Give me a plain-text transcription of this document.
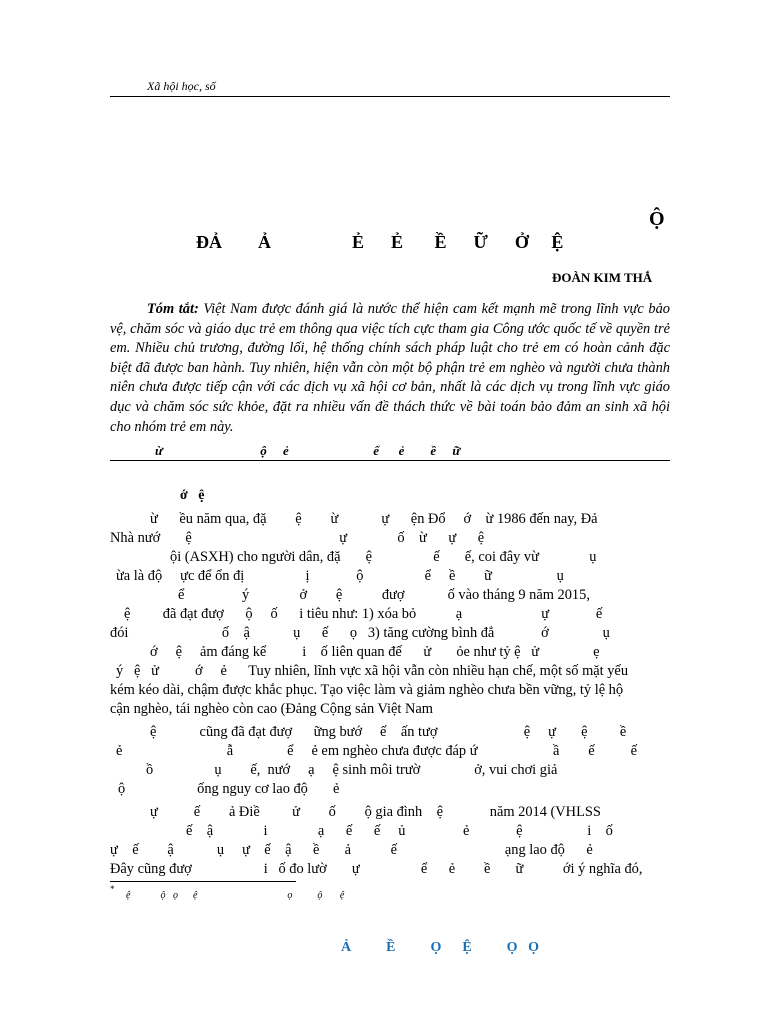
Xã hội học, số
Ộ
ĐẢ        Ả                  Ẻ      Ẻ       Ề      Ữ      Ở     Ệ
ĐOÀN KIM THẮ
Tóm tắt: Việt Nam được đánh giá là nước thể hiện cam kết mạnh mẽ trong lĩnh vực bảo vệ, chăm sóc và giáo dục trẻ em thông qua việc tích cực tham gia Công ước quốc tế về quyền trẻ em. Nhiều chủ trương, đường lối, hệ thống chính sách pháp luật cho trẻ em có hoàn cảnh đặc biệt đã được ban hành. Tuy nhiên, hiện vẫn còn một bộ phận trẻ em nghèo và người chưa thành niên chưa được tiếp cận với các dịch vụ xã hội cơ bản, nhất là các dịch vụ trong lĩnh vực giáo dục và chăm sóc sức khỏe, đặt ra nhiều vấn đề thách thức về bài toán bảo đảm an sinh xã hội cho nhóm trẻ em này.
ừ                              ộ     ẻ                          ể      ẻ        ề     ữ
ớ   ệ
ừ      ều năm qua, đặ        ệ        ừ            ự      ện Đổ     ớ    ừ 1986 đến nay, Đả
Nhà nướ       ệ                                         ự              ố    ừ      ự      ệ
ội (ASXH) cho người dân, đặ       ệ                 ế       ế, coi đây vừ              ụ
ừa là độ     ực để ổn đị                 ị             ộ                 ể     ề        ữ                  ụ
ể                ý              ở        ệ           đượ            ố vào tháng 9 năm 2015,
ệ         đã đạt đượ      ộ     ố      i tiêu như: 1) xóa bỏ           ạ                      ự             ế
đói                          ố    ậ            ụ      ế      ọ   3) tăng cường bình đẳ             ớ               ụ
ớ     ệ     ảm đáng kể          i    ố liên quan đế      ử       ỏe như tỷ ệ   ử               ẹ
ý   ệ   ử          ớ     ẻ      Tuy nhiên, lĩnh vực xã hội vẫn còn nhiều hạn chế, một số mặt yếu
kém kéo dài, chậm được khắc phục. Tạo việc làm và giảm nghèo chưa bền vững, tỷ lệ hộ
cận nghèo, tái nghèo còn cao (Đảng Cộng sản Việt Nam
ệ            cũng đã đạt đượ      ững bướ     ế    ấn tượ                        ệ     ự       ệ         ề
ẻ                             ẫ               ể     ẻ em nghèo chưa được đáp ứ                     ầ        ế          ế
ồ                 ụ        ế,  nướ     ạ     ệ sinh môi trườ               ở, vui chơi giả
ộ                    ống nguy cơ lao độ       ẻ
ự          ế        ả Điề         ử        ố        ộ gia đình    ệ             năm 2014 (VHLSS
ế    ậ              i              ạ      ế      ế     ủ                ẻ             ệ                  i    ố
ự    ế        ậ            ụ     ự    ế    ậ      ề       ả           ế                              ạng lao độ      ẻ
Đây cũng đượ                    i   ố đo lườ       ự                 ể      ẻ        ề       ữ           ới ý nghĩa đó,
*
ệ            ộ   ọ      ệ                                    ọ          ộ       ệ
Ả          Ề          Ọ      Ệ          Ọ   Ọ
